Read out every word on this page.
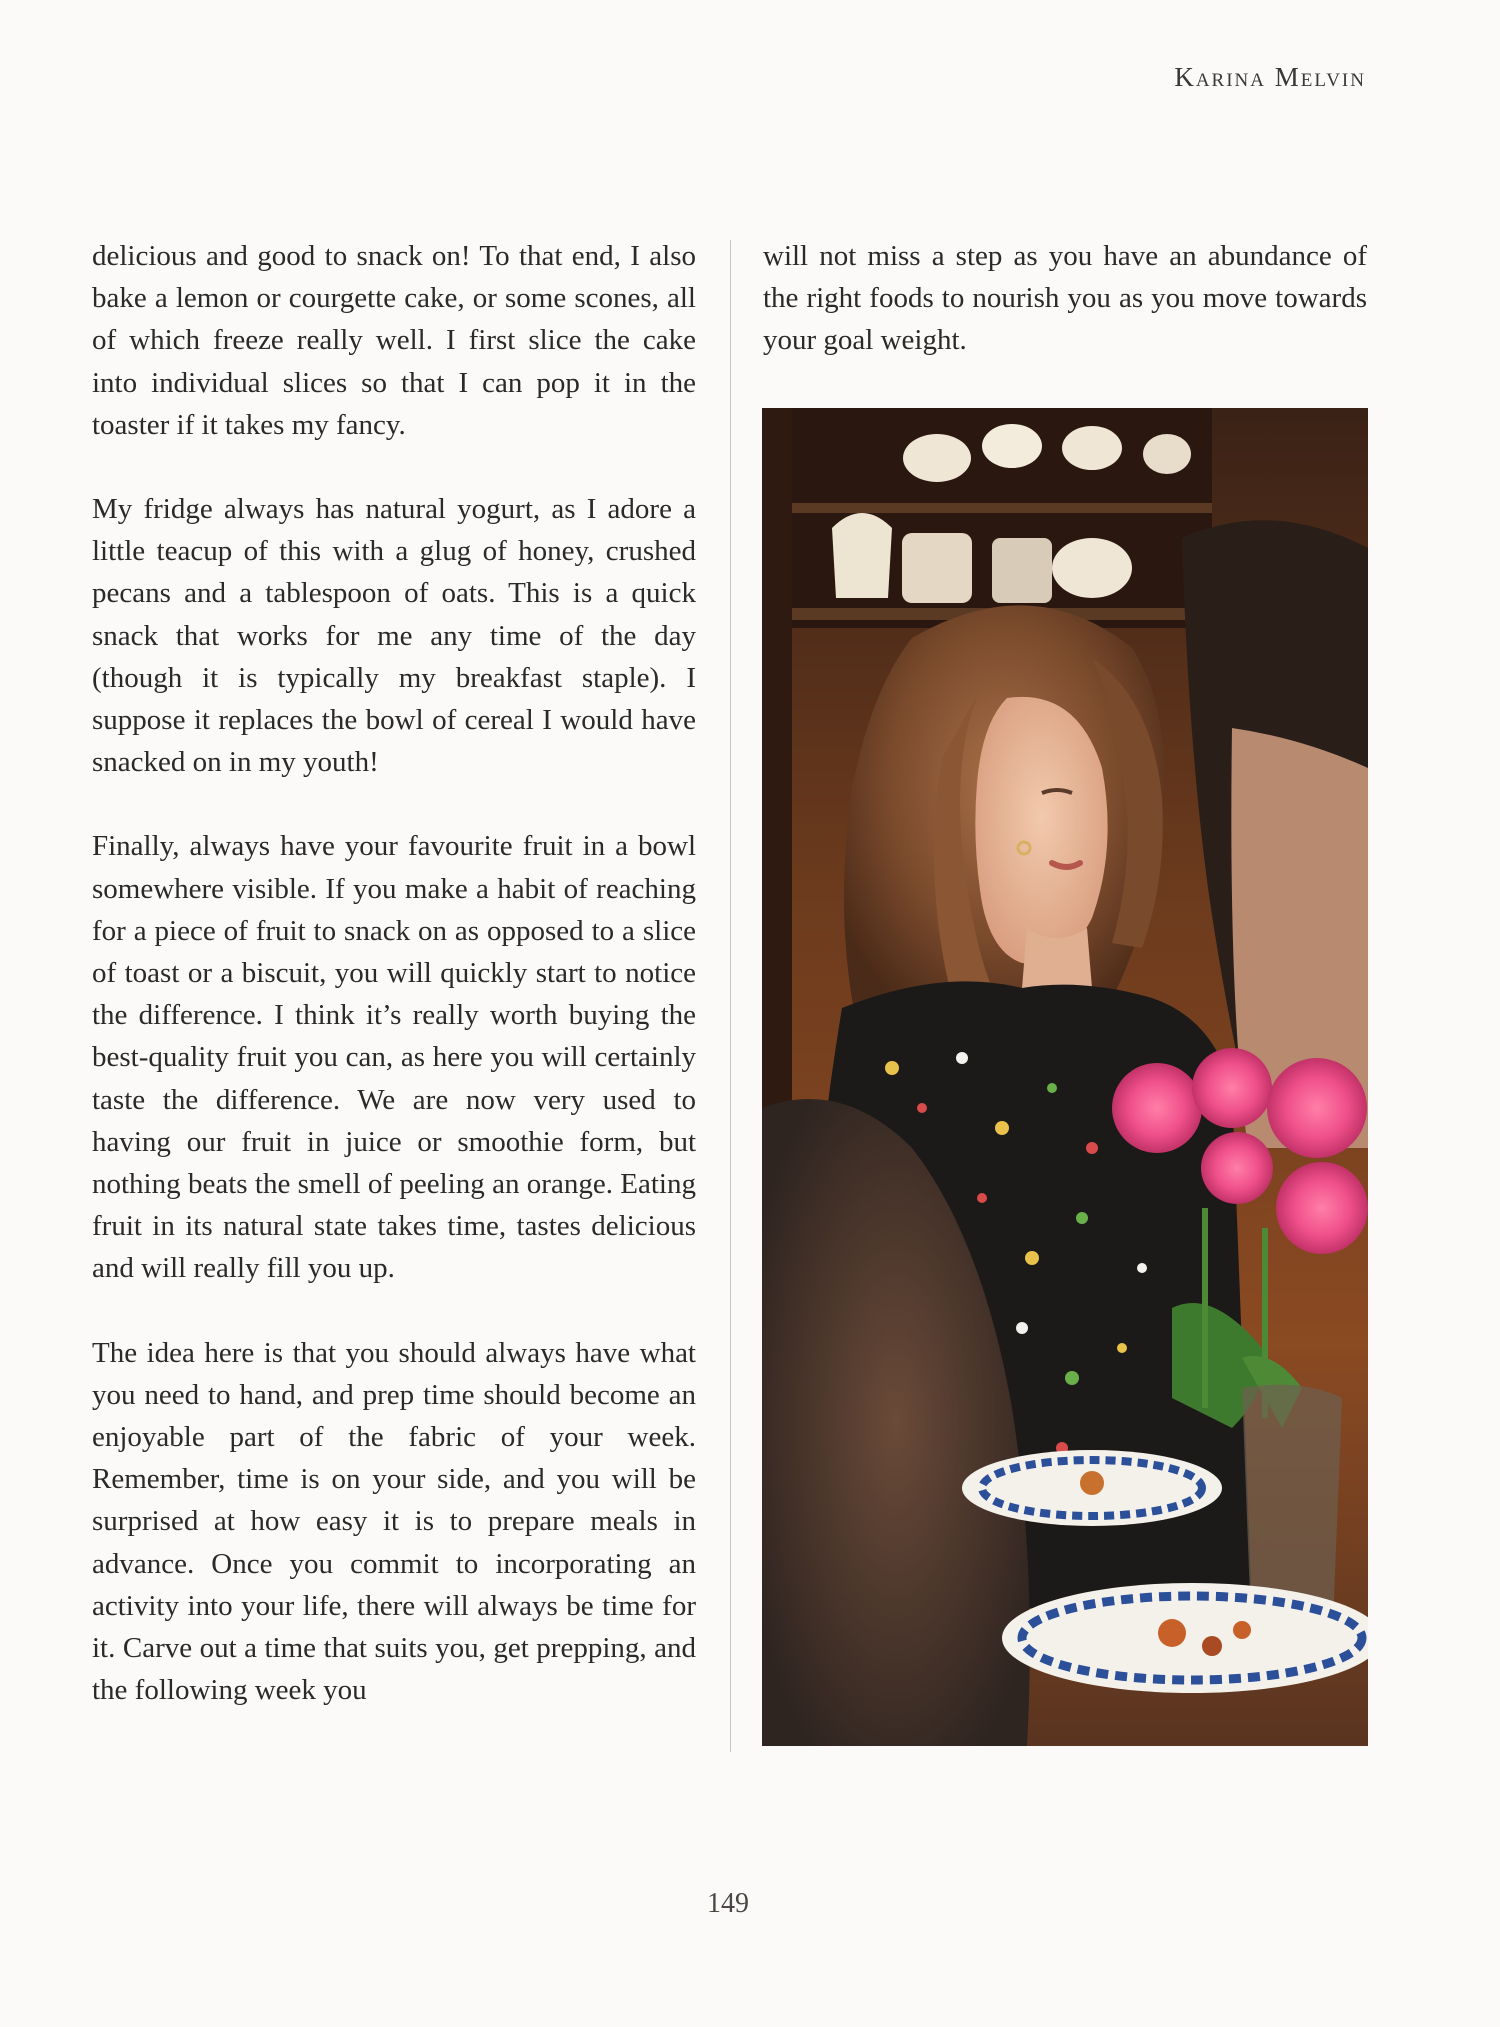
Karina Melvin

delicious and good to snack on! To that end, I also bake a lemon or courgette cake, or some scones, all of which freeze really well. I first slice the cake into individual slices so that I can pop it in the toaster if it takes my fancy.

My fridge always has natural yogurt, as I adore a little teacup of this with a glug of honey, crushed pecans and a tablespoon of oats. This is a quick snack that works for me any time of the day (though it is typically my breakfast staple). I suppose it replaces the bowl of cereal I would have snacked on in my youth!

Finally, always have your favourite fruit in a bowl somewhere visible. If you make a habit of reaching for a piece of fruit to snack on as opposed to a slice of toast or a biscuit, you will quickly start to notice the difference. I think it’s really worth buying the best-quality fruit you can, as here you will certainly taste the difference. We are now very used to having our fruit in juice or smoothie form, but nothing beats the smell of peeling an orange. Eating fruit in its natural state takes time, tastes delicious and will really fill you up.

The idea here is that you should always have what you need to hand, and prep time should become an enjoyable part of the fabric of your week. Remember, time is on your side, and you will be surprised at how easy it is to prepare meals in advance. Once you commit to incorporating an activity into your life, there will always be time for it. Carve out a time that suits you, get prepping, and the following week you

will not miss a step as you have an abundance of the right foods to nourish you as you move towards your goal weight.

149
